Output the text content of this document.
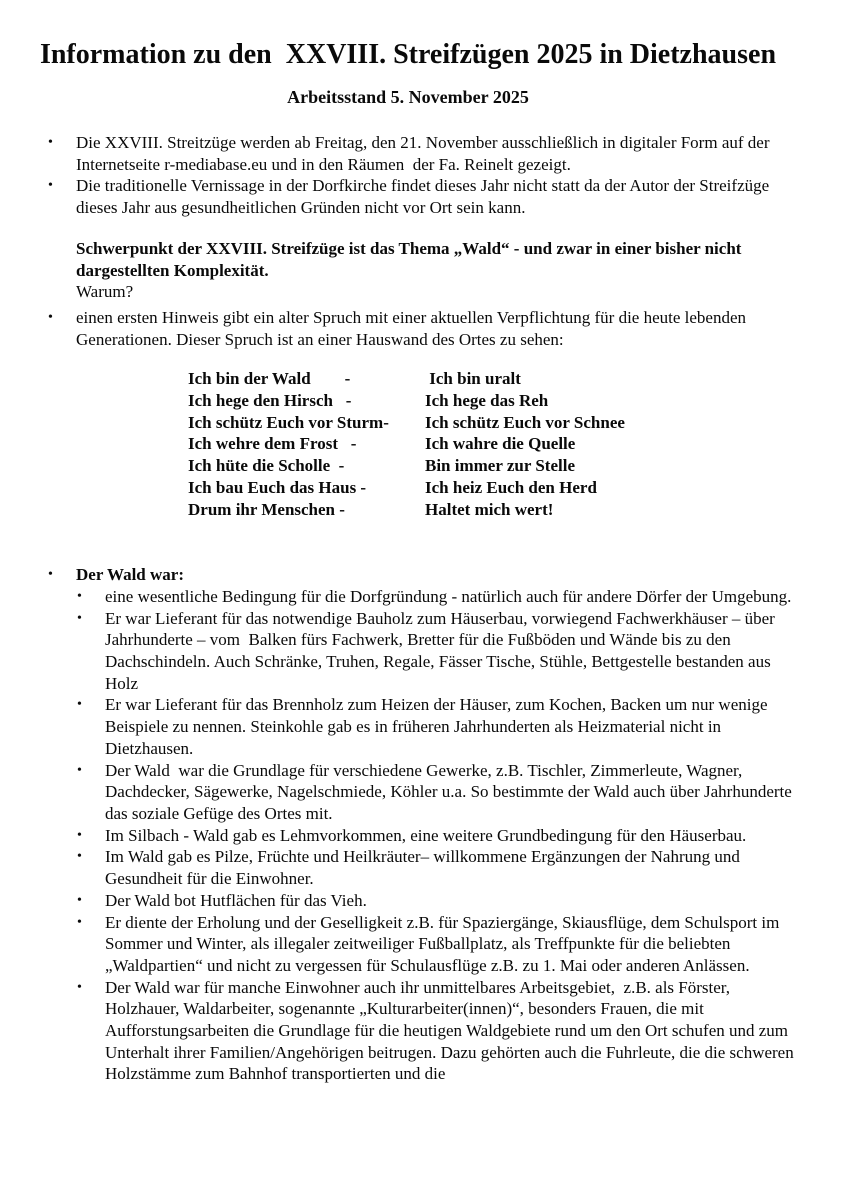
Information zu den  XXVIII. Streifzügen 2025 in Dietzhausen
Arbeitsstand 5. November 2025
•	Die XXVIII. Streitzüge werden ab Freitag, den 21. November ausschließlich in digitaler Form auf der Internetseite r-mediabase.eu und in den Räumen  der Fa. Reinelt gezeigt.
•	Die traditionelle Vernissage in der Dorfkirche findet dieses Jahr nicht statt da der Autor der Streifzüge dieses Jahr aus gesundheitlichen Gründen nicht vor Ort sein kann.
Schwerpunkt der XXVIII. Streifzüge ist das Thema „Wald“ - und zwar in einer bisher nicht dargestellten Komplexität.
Warum?
•	einen ersten Hinweis gibt ein alter Spruch mit einer aktuellen Verpflichtung für die heute lebenden Generationen. Dieser Spruch ist an einer Hauswand des Ortes zu sehen:
Ich bin der Wald        -	Ich bin uralt
Ich hege den Hirsch   -	Ich hege das Reh
Ich schütz Euch vor Sturm-	Ich schütz Euch vor Schnee
Ich wehre dem Frost   -	Ich wahre die Quelle
Ich hüte die Scholle  -	Bin immer zur Stelle
Ich bau Euch das Haus -	Ich heiz Euch den Herd
Drum ihr Menschen -	Haltet mich wert!
•	Der Wald war:
•	eine wesentliche Bedingung für die Dorfgründung - natürlich auch für andere Dörfer der Umgebung.
•	Er war Lieferant für das notwendige Bauholz zum Häuserbau, vorwiegend Fachwerkhäuser – über Jahrhunderte – vom  Balken fürs Fachwerk, Bretter für die Fußböden und Wände bis zu den Dachschindeln. Auch Schränke, Truhen, Regale, Fässer Tische, Stühle, Bettgestelle bestanden aus Holz
•	Er war Lieferant für das Brennholz zum Heizen der Häuser, zum Kochen, Backen um nur wenige Beispiele zu nennen. Steinkohle gab es in früheren Jahrhunderten als Heizmaterial nicht in Dietzhausen.
•	Der Wald  war die Grundlage für verschiedene Gewerke, z.B. Tischler, Zimmerleute, Wagner, Dachdecker, Sägewerke, Nagelschmiede, Köhler u.a. So bestimmte der Wald auch über Jahrhunderte das soziale Gefüge des Ortes mit.
•	Im Silbach - Wald gab es Lehmvorkommen, eine weitere Grundbedingung für den Häuserbau.
•	Im Wald gab es Pilze, Früchte und Heilkräuter– willkommene Ergänzungen der Nahrung und Gesundheit für die Einwohner.
•	Der Wald bot Hutflächen für das Vieh.
•	Er diente der Erholung und der Geselligkeit z.B. für Spaziergänge, Skiausflüge, dem Schulsport im Sommer und Winter, als illegaler zeitweiliger Fußballplatz, als Treffpunkte für die beliebten  „Waldpartien“ und nicht zu vergessen für Schulausflüge z.B. zu 1. Mai oder anderen Anlässen.
•	Der Wald war für manche Einwohner auch ihr unmittelbares Arbeitsgebiet,  z.B. als Förster, Holzhauer, Waldarbeiter, sogenannte „Kulturarbeiter(innen)“, besonders Frauen, die mit Aufforstungsarbeiten die Grundlage für die heutigen Waldgebiete rund um den Ort schufen und zum Unterhalt ihrer Familien/Angehörigen beitrugen. Dazu gehörten auch die Fuhrleute, die die schweren Holzstämme zum Bahnhof transportierten und die
